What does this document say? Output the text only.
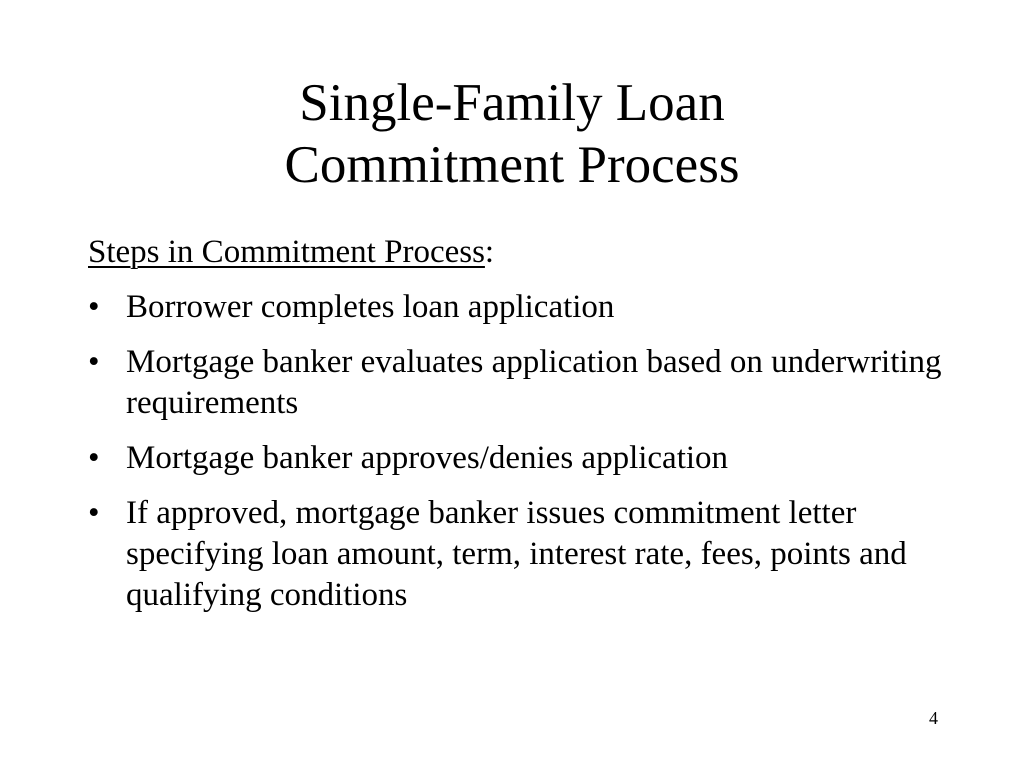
Single-Family Loan
Commitment Process

Steps in Commitment Process:

• Borrower completes loan application
• Mortgage banker evaluates application based on underwriting requirements
• Mortgage banker approves/denies application
• If approved, mortgage banker issues commitment letter specifying loan amount, term, interest rate, fees, points and qualifying conditions
4
